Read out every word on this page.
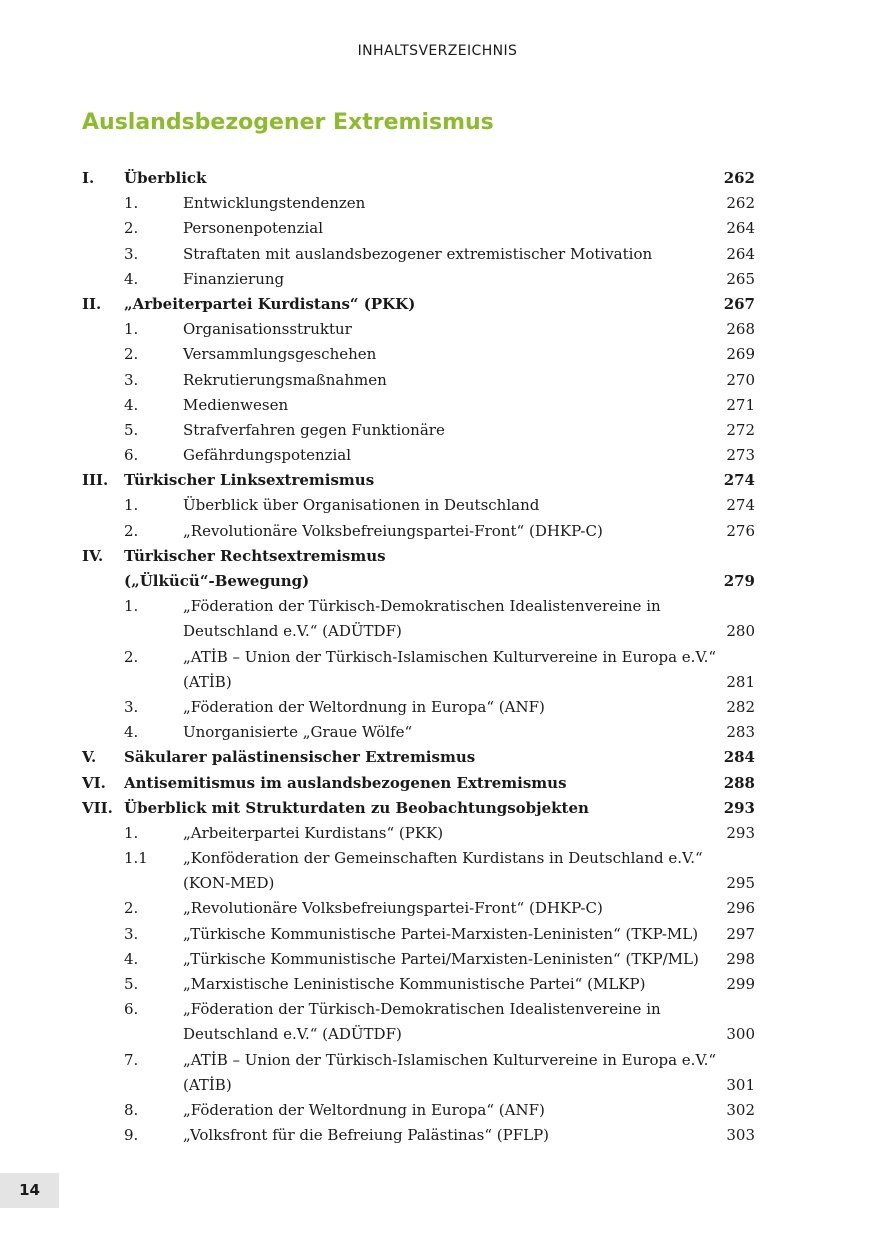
INHALTSVERZEICHNIS
Auslandsbezogener Extremismus
I. Überblick	262
1.	Entwicklungstendenzen	262
2.	Personenpotenzial	264
3.	Straftaten mit auslandsbezogener extremistischer Motivation	264
4.	Finanzierung	265
II. „Arbeiterpartei Kurdistans“ (PKK)	267
1.	Organisationsstruktur	268
2.	Versammlungsgeschehen	269
3.	Rekrutierungsmaßnahmen	270
4.	Medienwesen	271
5.	Strafverfahren gegen Funktionäre	272
6.	Gefährdungspotenzial	273
III. Türkischer Linksextremismus	274
1.	Überblick über Organisationen in Deutschland	274
2.	„Revolutionäre Volksbefreiungspartei-Front“ (DHKP-C)	276
IV. Türkischer Rechtsextremismus
(„Ülkücü“-Bewegung)	279
1.	„Föderation der Türkisch-Demokratischen Idealistenvereine in
Deutschland e.V.“ (ADÜTDF)	280
2.	„ATİB – Union der Türkisch-Islamischen Kulturvereine in Europa e.V.“
(ATİB)	281
3.	„Föderation der Weltordnung in Europa“ (ANF)	282
4.	Unorganisierte „Graue Wölfe“	283
V. Säkularer palästinensischer Extremismus	284
VI. Antisemitismus im auslandsbezogenen Extremismus	288
VII. Überblick mit Strukturdaten zu Beobachtungsobjekten	293
1.	„Arbeiterpartei Kurdistans“ (PKK)	293
1.1 „Konföderation der Gemeinschaften Kurdistans in Deutschland e.V.“
(KON-MED)	295
2.	„Revolutionäre Volksbefreiungspartei-Front“ (DHKP-C)	296
3.	„Türkische Kommunistische Partei-Marxisten-Leninisten“ (TKP-ML) 297
4.	„Türkische Kommunistische Partei/Marxisten-Leninisten“ (TKP/ML) 298
5.	„Marxistische Leninistische Kommunistische Partei“ (MLKP)	299
6.	„Föderation der Türkisch-Demokratischen Idealistenvereine in
Deutschland e.V.“ (ADÜTDF)	300
7.	„ATİB – Union der Türkisch-Islamischen Kulturvereine in Europa e.V.“
(ATİB)	301
8.	„Föderation der Weltordnung in Europa“ (ANF)	302
9.	„Volksfront für die Befreiung Palästinas“ (PFLP)	303
14
